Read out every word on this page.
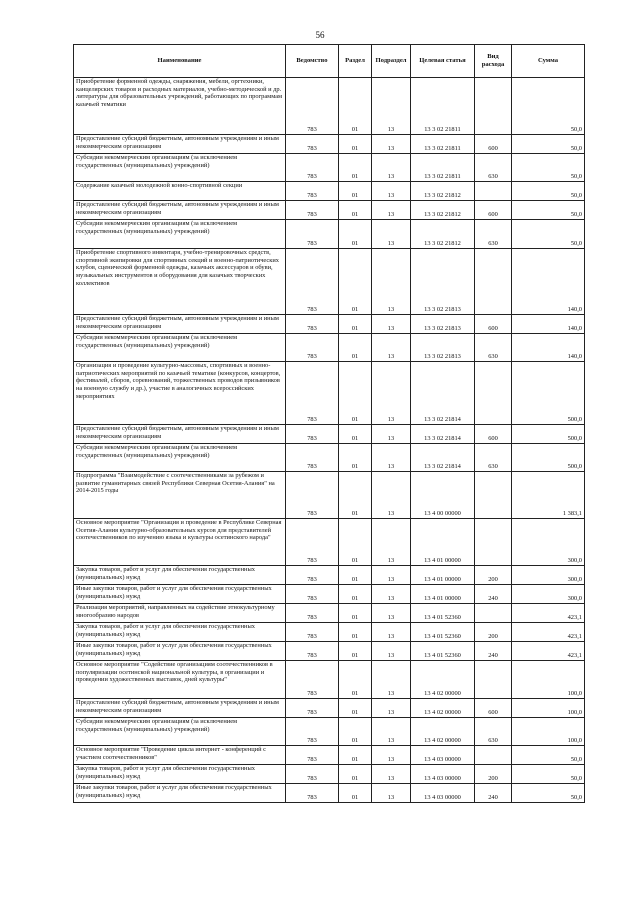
56
Наименование	Ведомство	Раздел	Подраздел	Целевая статья	Вид расхода	Сумма
Приобретение форменной одежды, снаряжения, мебели, оргтехники, канцелярских товаров и расходных материалов, учебно-методической и др. литературы для образовательных учреждений, работающих по программам казачьей тематики	783	01	13	13 3 02 21811		50,0
Предоставление субсидий бюджетным, автономным учреждениям и иным некоммерческим организациям	783	01	13	13 3 02 21811	600	50,0
Субсидии некоммерческим организациям (за исключением государственных (муниципальных) учреждений)	783	01	13	13 3 02 21811	630	50,0
Содержание казачьей молодежной конно-спортивной секции	783	01	13	13 3 02 21812		50,0
Предоставление субсидий бюджетным, автономным учреждениям и иным некоммерческим организациям	783	01	13	13 3 02 21812	600	50,0
Субсидии некоммерческим организациям (за исключением государственных (муниципальных) учреждений)	783	01	13	13 3 02 21812	630	50,0
Приобретение спортивного инвентаря, учебно-тренировочных средств, спортивной экипировки для спортивных секций и военно-патриотических клубов, сценической форменной одежды, казачьих аксессуаров и обуви, музыкальных инструментов и оборудования для казачьих творческих коллективов	783	01	13	13 3 02 21813		140,0
Предоставление субсидий бюджетным, автономным учреждениям и иным некоммерческим организациям	783	01	13	13 3 02 21813	600	140,0
Субсидии некоммерческим организациям (за исключением государственных (муниципальных) учреждений)	783	01	13	13 3 02 21813	630	140,0
Организация и проведение культурно-массовых, спортивных и военно-патриотических мероприятий по казачьей тематике (конкурсов, концертов, фестивалей, сборов, соревнований, торжественных проводов призывников на военную службу и др.), участие в аналогичных всероссийских мероприятиях	783	01	13	13 3 02 21814		500,0
Предоставление субсидий бюджетным, автономным учреждениям и иным некоммерческим организациям	783	01	13	13 3 02 21814	600	500,0
Субсидии некоммерческим организациям (за исключением государственных (муниципальных) учреждений)	783	01	13	13 3 02 21814	630	500,0
Подпрограмма "Взаимодействие с соотечественниками за рубежом и развитие гуманитарных связей Республики Северная Осетия-Алания" на 2014-2015 годы	783	01	13	13 4 00 00000		1 383,1
Основное мероприятие "Организация и проведение в Республике Северная Осетия-Алания культурно-образовательных курсов для представителей соотечественников по изучению языка и культуры осетинского народа"	783	01	13	13 4 01 00000		300,0
Закупка товаров, работ и услуг для обеспечения государственных (муниципальных) нужд	783	01	13	13 4 01 00000	200	300,0
Иные закупки товаров, работ и услуг для обеспечения государственных (муниципальных) нужд	783	01	13	13 4 01 00000	240	300,0
Реализация мероприятий, направленных на содействие этнокультурному многообразию народов	783	01	13	13 4 01 52360		423,1
Закупка товаров, работ и услуг для обеспечения государственных (муниципальных) нужд	783	01	13	13 4 01 52360	200	423,1
Иные закупки товаров, работ и услуг для обеспечения государственных (муниципальных) нужд	783	01	13	13 4 01 52360	240	423,1
Основное мероприятие "Содействие организациям соотечественников в популяризации осетинской национальной культуры, в организации и проведении художественных выставок, дней культуры"	783	01	13	13 4 02 00000		100,0
Предоставление субсидий бюджетным, автономным учреждениям и иным некоммерческим организациям	783	01	13	13 4 02 00000	600	100,0
Субсидии некоммерческим организациям (за исключением государственных (муниципальных) учреждений)	783	01	13	13 4 02 00000	630	100,0
Основное мероприятие "Проведение цикла интернет - конференций с участием соотечественников"	783	01	13	13 4 03 00000		50,0
Закупка товаров, работ и услуг для обеспечения государственных (муниципальных) нужд	783	01	13	13 4 03 00000	200	50,0
Иные закупки товаров, работ и услуг для обеспечения государственных (муниципальных) нужд	783	01	13	13 4 03 00000	240	50,0
